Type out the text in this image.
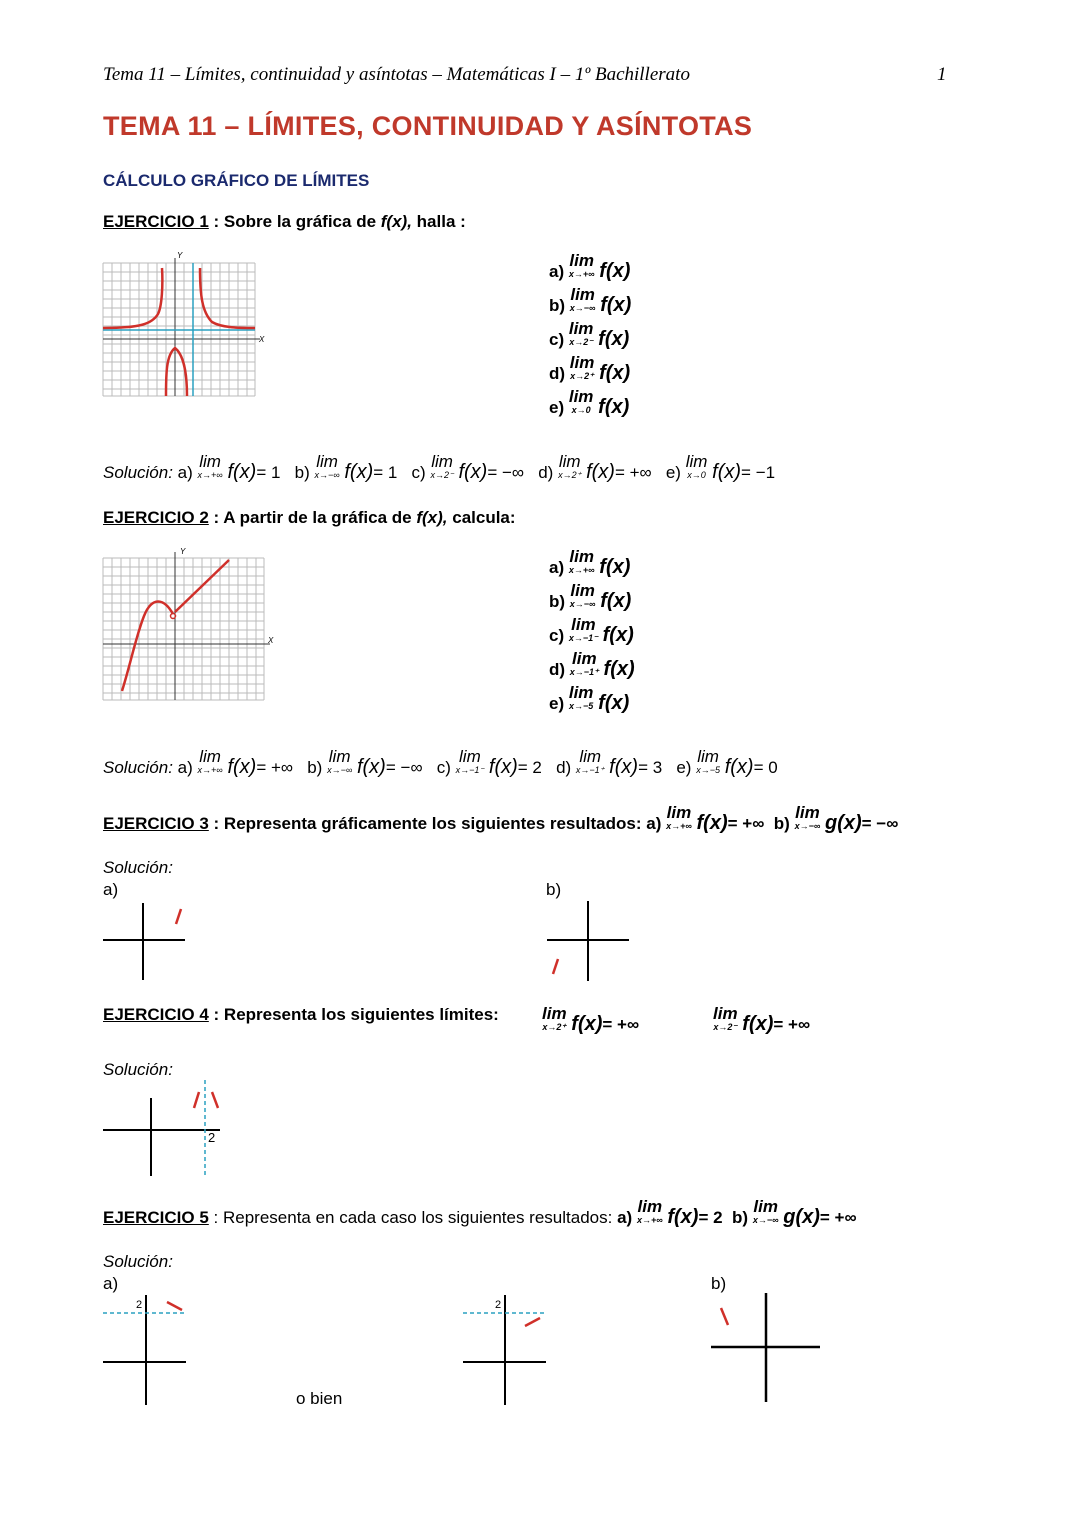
Tema 11 – Límites, continuidad y asíntotas – Matemáticas I – 1º Bachillerato	1
TEMA 11 – LÍMITES, CONTINUIDAD Y ASÍNTOTAS
CÁLCULO GRÁFICO DE LÍMITES
EJERCICIO 1 : Sobre la gráfica de f(x), halla :
X
Y
a)
lim
x→+∞ f(x)
b)
lim
x→−∞ f(x)
c)
lim
x→2⁻ f(x)
d)
lim
x→2⁺ f(x)
e)
lim
x→0 f(x)
Solución: a)
lim
x→+∞ f(x)= 1 b)
lim
x→−∞ f(x)= 1 c)
lim
x→2⁻ f(x)= −∞ d)
lim
x→2⁺ f(x)= +∞ e)
lim
x→0 f(x)= −1
EJERCICIO 2 : A partir de la gráfica de f(x), calcula:
X
Y
a)
lim
x→+∞ f(x)
b)
lim
x→−∞ f(x)
c)
lim
x→−1⁻ f(x)
d)
lim
x→−1⁺ f(x)
e)
lim
x→−5 f(x)
Solución: a)
lim
x→+∞ f(x)= +∞ b)
lim
x→−∞ f(x)= −∞ c)
lim
x→−1⁻ f(x)= 2 d)
lim
x→−1⁺ f(x)= 3 e)
lim
x→−5 f(x)= 0
EJERCICIO 3 : Representa gráficamente los siguientes resultados: a)
lim
x→+∞ f(x)= +∞ b)
lim
x→−∞ g(x)= −∞
Solución:
a)	b)
EJERCICIO 4 : Representa los siguientes límites:	lim
x→2⁺ f(x)= +∞
lim
x→2⁻ f(x)= +∞
Solución:
2
EJERCICIO 5 : Representa en cada caso los siguientes resultados: a)
lim
x→+∞ f(x)= 2 b)
lim
x→−∞ g(x)= +∞
Solución:
a)	b)
2
o bien
2
